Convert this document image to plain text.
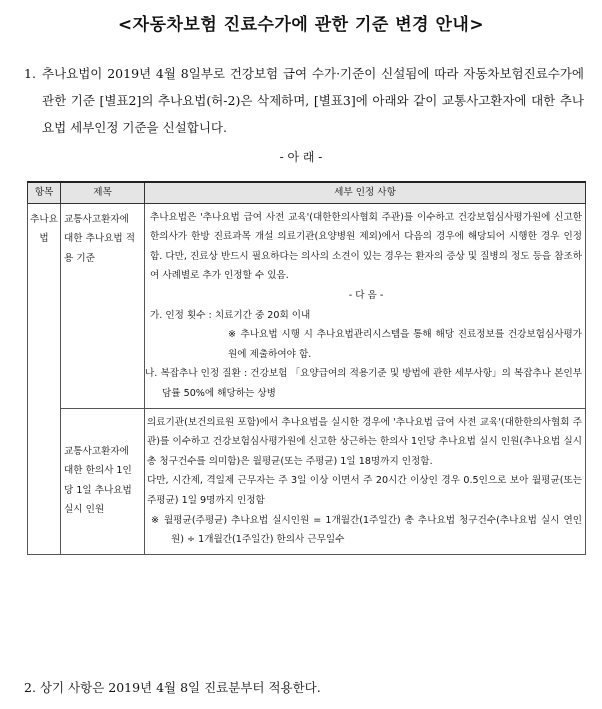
<자동차보험 진료수가에 관한 기준 변경 안내>
1. 추나요법이 2019년 4월 8일부로 건강보험 급여 수가·기준이 신설됨에 따라 자동차보험진료수가에 관한 기준 [별표2]의 추나요법(허-2)은 삭제하며, [별표3]에 아래와 같이 교통사고환자에 대한 추나요법 세부인정 기준을 신설합니다.
- 아 래 -
항목	제목	세부 인정 사항
추나요법	교통사고환자에 대한 추나요법 적용 기준	추나요법은 '추나요법 급여 사전 교육'(대한한의사협회 주관)를 이수하고 건강보험심사평가원에 신고한 한의사가 한방 진료과목 개설 의료기관(요양병원 제외)에서 다음의 경우에 해당되어 시행한 경우 인정함. 다만, 진료상 반드시 필요하다는 의사의 소견이 있는 경우는 환자의 증상 및 질병의 정도 등을 참조하여 사례별로 추가 인정할 수 있음.

- 다 음 -

가. 인정 횟수 : 치료기간 중 20회 이내

※ 추나요법 시행 시 추나요법관리시스템을 통해 해당 진료정보를 건강보험심사평가원에 제출하여야 함.

나. 복잡추나 인정 질환 : 건강보험 「요양급여의 적용기준 및 방법에 관한 세부사항」의 복잡추나 본인부담률 50%에 해당하는 상병

	교통사고환자에 대한 한의사 1인당 1일 추나요법 실시 인원	의료기관(보건의료원 포함)에서 추나요법을 실시한 경우에 '추나요법 급여 사전 교육'(대한한의사협회 주관)를 이수하고 건강보험심사평가원에 신고한 상근하는 한의사 1인당 추나요법 실시 인원(추나요법 실시 총 청구건수를 의미함)은 월평균(또는 주평균) 1일 18명까지 인정함.

다만, 시간제, 격일제 근무자는 주 3일 이상 이면서 주 20시간 이상인 경우 0.5인으로 보아 월평균(또는 주평균) 1일 9명까지 인정함

※ 월평균(주평균) 추나요법 실시인원 = 1개월간(1주일간) 총 추나요법 청구건수(추나요법 실시 연인원) ÷ 1개월간(1주일간) 한의사 근무일수

2. 상기 사항은 2019년 4월 8일 진료분부터 적용한다.
